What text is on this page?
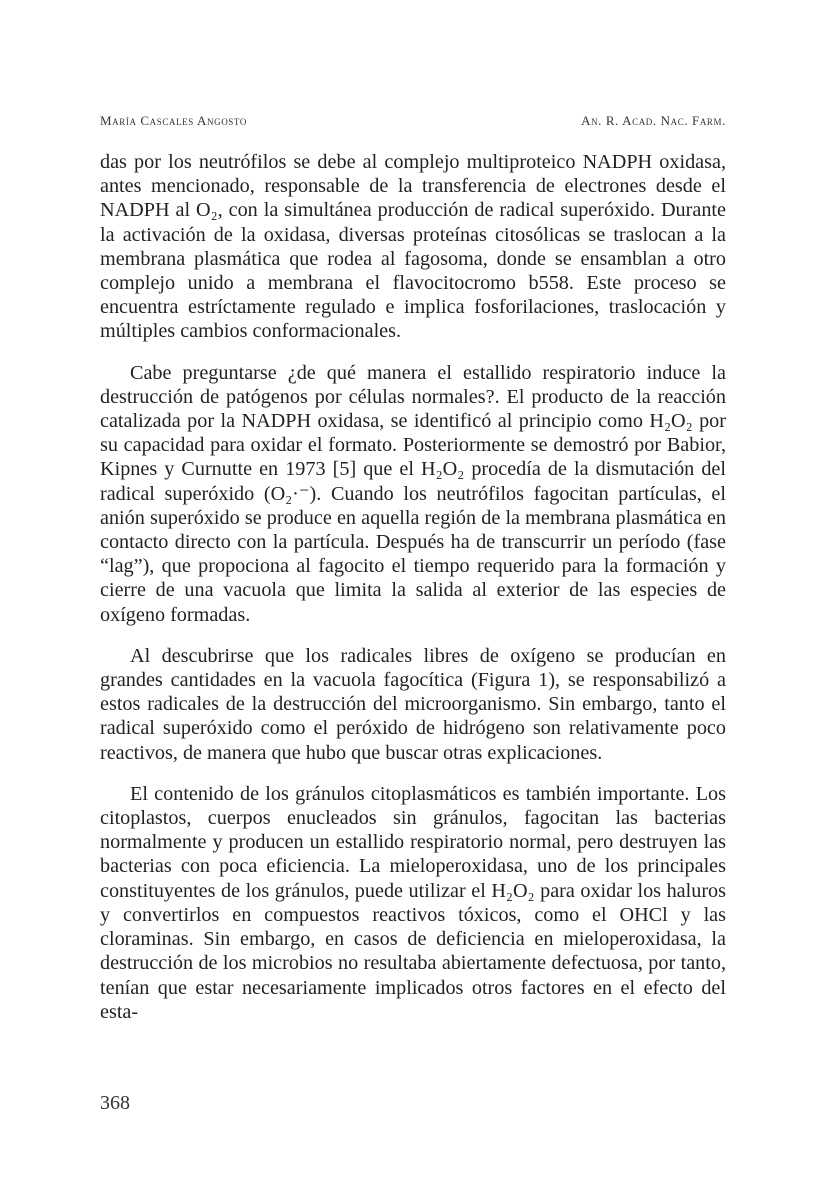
María Cascales Angosto	An. R. Acad. Nac. Farm.

das por los neutrófilos se debe al complejo multiproteico NADPH oxidasa, antes mencionado, responsable de la transferencia de electrones desde el NADPH al O₂, con la simultánea producción de radical superóxido. Durante la activación de la oxidasa, diversas proteínas citosólicas se traslocan a la membrana plasmática que rodea al fagosoma, donde se ensamblan a otro complejo unido a membrana el flavocitocromo b558. Este proceso se encuentra estríctamente regulado e implica fosforilaciones, traslocación y múltiples cambios conformacionales.

Cabe preguntarse ¿de qué manera el estallido respiratorio induce la destrucción de patógenos por células normales?. El producto de la reacción catalizada por la NADPH oxidasa, se identificó al principio como H₂O₂ por su capacidad para oxidar el formato. Posteriormente se demostró por Babior, Kipnes y Curnutte en 1973 [5] que el H₂O₂ procedía de la dismutación del radical superóxido (O₂·⁻). Cuando los neutrófilos fagocitan partículas, el anión superóxido se produce en aquella región de la membrana plasmática en contacto directo con la partícula. Después ha de transcurrir un período (fase “lag”), que propociona al fagocito el tiempo requerido para la formación y cierre de una vacuola que limita la salida al exterior de las especies de oxígeno formadas.

Al descubrirse que los radicales libres de oxígeno se producían en grandes cantidades en la vacuola fagocítica (Figura 1), se responsabilizó a estos radicales de la destrucción del microorganismo. Sin embargo, tanto el radical superóxido como el peróxido de hidrógeno son relativamente poco reactivos, de manera que hubo que buscar otras explicaciones.

El contenido de los gránulos citoplasmáticos es también importante. Los citoplastos, cuerpos enucleados sin gránulos, fagocitan las bacterias normalmente y producen un estallido respiratorio normal, pero destruyen las bacterias con poca eficiencia. La mieloperoxidasa, uno de los principales constituyentes de los gránulos, puede utilizar el H₂O₂ para oxidar los haluros y convertirlos en compuestos reactivos tóxicos, como el OHCl y las cloraminas. Sin embargo, en casos de deficiencia en mieloperoxidasa, la destrucción de los microbios no resultaba abiertamente defectuosa, por tanto, tenían que estar necesariamente implicados otros factores en el efecto del esta-

368
